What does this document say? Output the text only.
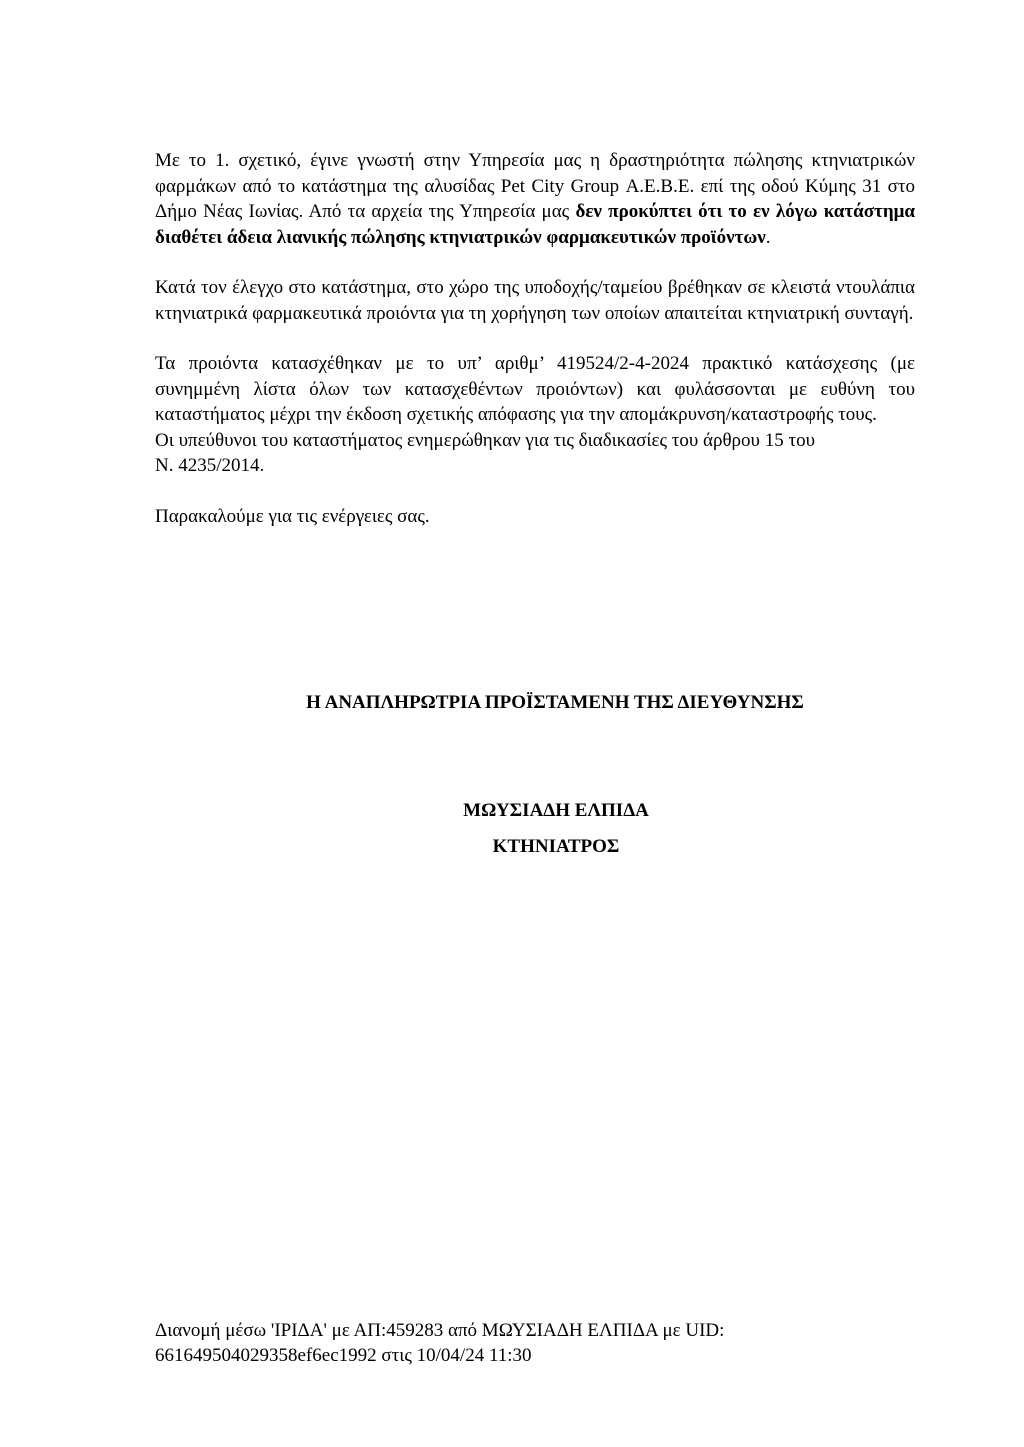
Με το 1. σχετικό, έγινε γνωστή στην Υπηρεσία μας η δραστηριότητα πώλησης κτηνιατρικών φαρμάκων από το κατάστημα της αλυσίδας Pet City Group Α.Ε.Β.Ε. επί της οδού Κύμης 31 στο Δήμο Νέας Ιωνίας. Από τα αρχεία της Υπηρεσία μας δεν προκύπτει ότι το εν λόγω κατάστημα διαθέτει άδεια λιανικής πώλησης κτηνιατρικών φαρμακευτικών προϊόντων.

Κατά τον έλεγχο στο κατάστημα, στο χώρο της υποδοχής/ταμείου βρέθηκαν σε κλειστά ντουλάπια κτηνιατρικά φαρμακευτικά προιόντα για τη χορήγηση των οποίων απαιτείται κτηνιατρική συνταγή.

Τα προιόντα κατασχέθηκαν με το υπ’ αριθμ’ 419524/2-4-2024 πρακτικό κατάσχεσης (με συνημμένη λίστα όλων των κατασχεθέντων προιόντων) και φυλάσσονται με ευθύνη του καταστήματος μέχρι την έκδοση σχετικής απόφασης για την απομάκρυνση/καταστροφής τους.

Οι υπεύθυνοι του καταστήματος ενημερώθηκαν για τις διαδικασίες του άρθρου 15 του

Ν. 4235/2014.

Παρακαλούμε για τις ενέργειες σας.

Η ΑΝΑΠΛΗΡΩΤΡΙΑ ΠΡΟΪΣΤΑΜΕΝΗ ΤΗΣ ΔΙΕΥΘΥΝΣΗΣ

ΜΩΥΣΙΑΔΗ ΕΛΠΙΔΑ

ΚΤΗΝΙΑΤΡΟΣ

Διανομή μέσω 'ΙΡΙΔΑ' με ΑΠ:459283 από ΜΩΥΣΙΑΔΗ ΕΛΠΙΔΑ με UID:
661649504029358ef6ec1992 στις 10/04/24 11:30
